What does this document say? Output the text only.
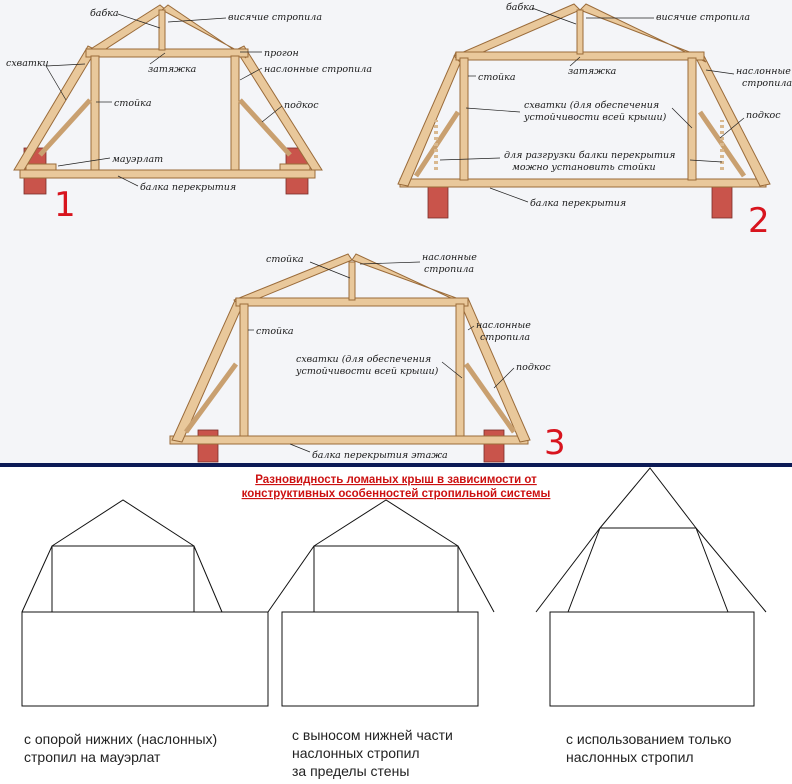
бабка	висячие стропила
затяжка
прогон
наслонные стропила
схватки
стойка	подкос
мауэрлат
балка перекрытия
1
бабка
висячие стропила
затяжка
стойка
наслонные
стропила
схватки (для обеспечения
устойчивости всей крыши)	подкос
для разгрузки балки перекрытия
можно установить стойки
балка перекрытия	2
стойка	наслонные
стропила
стойка
наслонные
стропила
схватки (для обеспечения
устойчивости всей крыши)	подкос
балка перекрытия этажа	3
Разновидность ломаных крыш в зависимости от
конструктивных особенностей стропильной системы
с опорой нижних (наслонных)
стропил на мауэрлат
с выносом нижней части
наслонных стропил
за пределы стены
с использованием только
наслонных стропил
